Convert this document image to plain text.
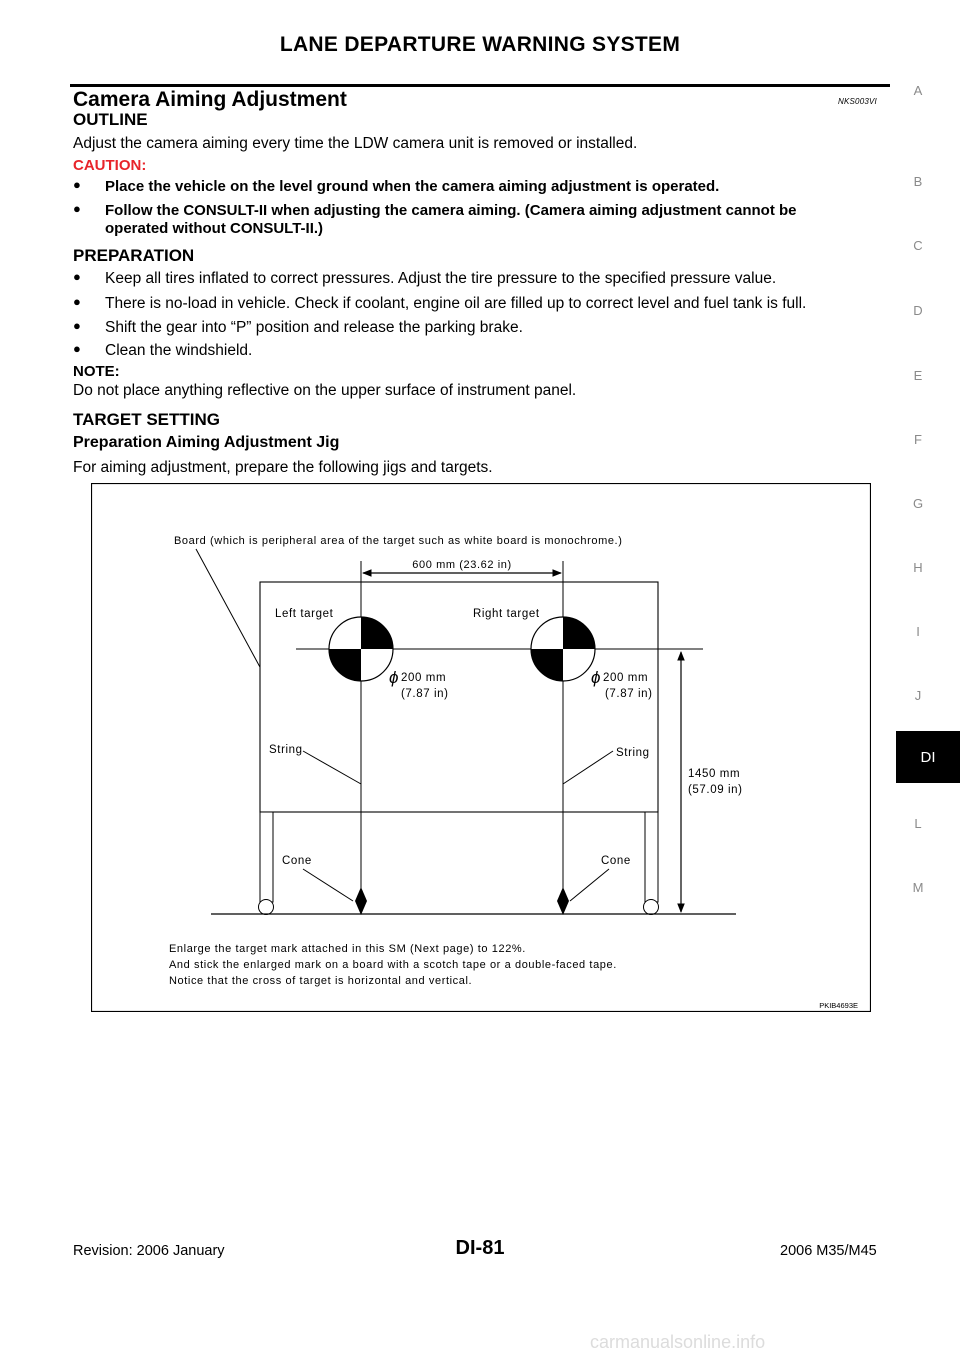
LANE DEPARTURE WARNING SYSTEM
A
B
C
D
E
F
G
H
I
J
DI
L
M
Camera Aiming Adjustment	NKS003VI
OUTLINE
Adjust the camera aiming every time the LDW camera unit is removed or installed.
CAUTION:
●	Place the vehicle on the level ground when the camera aiming adjustment is operated.
●	Follow the CONSULT-II when adjusting the camera aiming. (Camera aiming adjustment cannot be
operated without CONSULT-II.)
PREPARATION
●	Keep all tires inflated to correct pressures. Adjust the tire pressure to the specified pressure value.
●	There is no-load in vehicle. Check if coolant, engine oil are filled up to correct level and fuel tank is full.
●	Shift the gear into “P” position and release the parking brake.
●	Clean the windshield.
NOTE:
Do not place anything reflective on the upper surface of instrument panel.
TARGET SETTING
Preparation Aiming Adjustment Jig
For aiming adjustment, prepare the following jigs and targets.
Board (which is peripheral area of the target such as white board is monochrome.)
600 mm (23.62 in)
Left target	Right target
ϕ 200 mm
(7.87 in)
ϕ 200 mm
(7.87 in)
String	String
Cone	Cone
1450 mm
(57.09 in)
Enlarge the target mark attached in this SM (Next page) to 122%.
And stick the enlarged mark on a board with a scotch tape or a double-faced tape.
Notice that the cross of target is horizontal and vertical.
PKIB4693E
Revision: 2006 January	DI-81	2006 M35/M45
carmanualsonline.info
